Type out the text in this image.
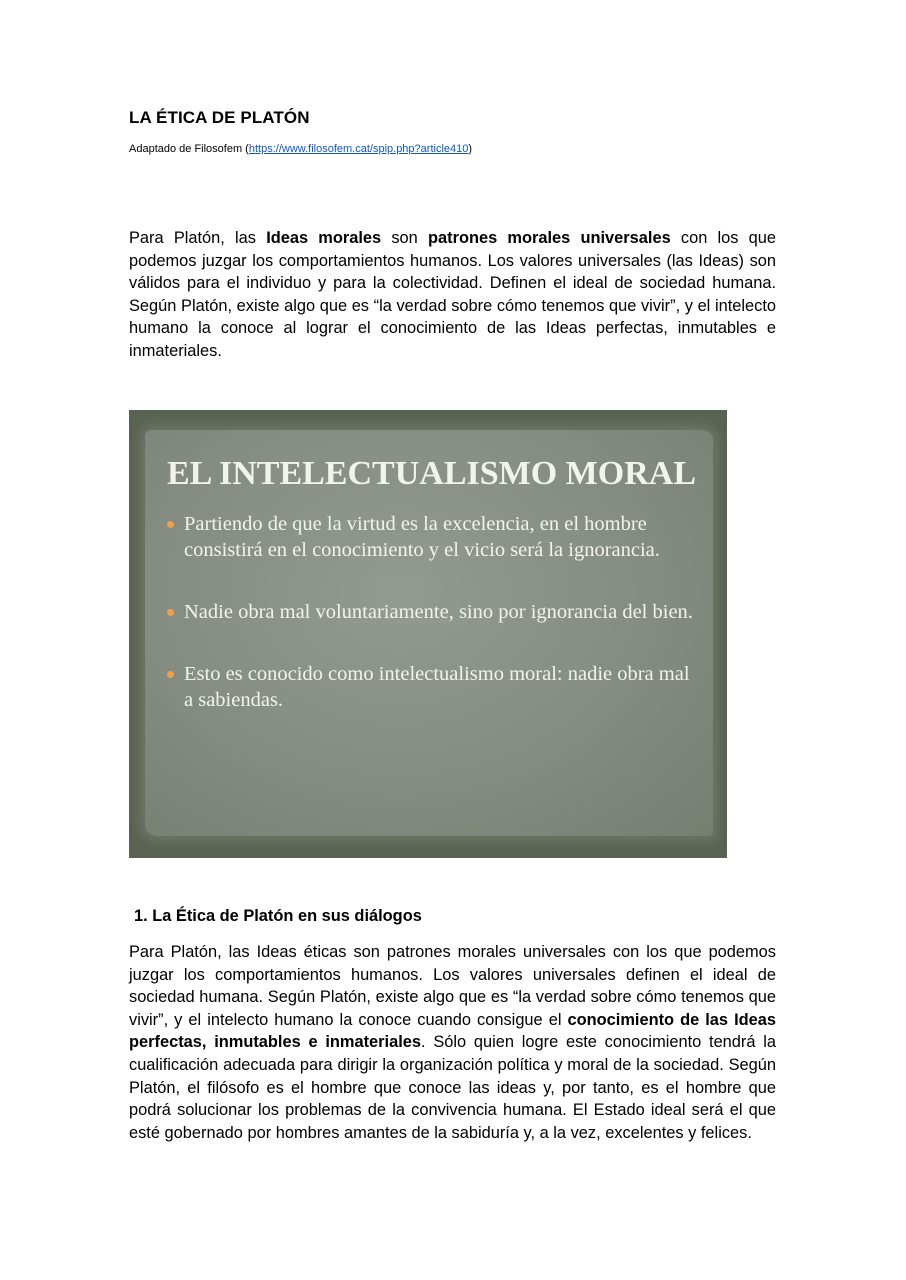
LA ÉTICA DE PLATÓN

Adaptado de Filosofem (https://www.filosofem.cat/spip.php?article410)

Para Platón, las Ideas morales son patrones morales universales con los que podemos juzgar los comportamientos humanos. Los valores universales (las Ideas) son válidos para el individuo y para la colectividad. Definen el ideal de sociedad humana. Según Platón, existe algo que es “la verdad sobre cómo tenemos que vivir”, y el intelecto humano la conoce al lograr el conocimiento de las Ideas perfectas, inmutables e inmateriales.

EL INTELECTUALISMO MORAL
Partiendo de que la virtud es la excelencia, en el hombre consistirá en el conocimiento y el vicio será la ignorancia.
Nadie obra mal voluntariamente, sino por ignorancia del bien.
Esto es conocido como intelectualismo moral: nadie obra mal a sabiendas.
1. La Ética de Platón en sus diálogos

Para Platón, las Ideas éticas son patrones morales universales con los que podemos juzgar los comportamientos humanos. Los valores universales definen el ideal de sociedad humana. Según Platón, existe algo que es “la verdad sobre cómo tenemos que vivir”, y el intelecto humano la conoce cuando consigue el conocimiento de las Ideas perfectas, inmutables e inmateriales. Sólo quien logre este conocimiento tendrá la cualificación adecuada para dirigir la organización política y moral de la sociedad. Según Platón, el filósofo es el hombre que conoce las ideas y, por tanto, es el hombre que podrá solucionar los problemas de la convivencia humana. El Estado ideal será el que esté gobernado por hombres amantes de la sabiduría y, a la vez, excelentes y felices.
